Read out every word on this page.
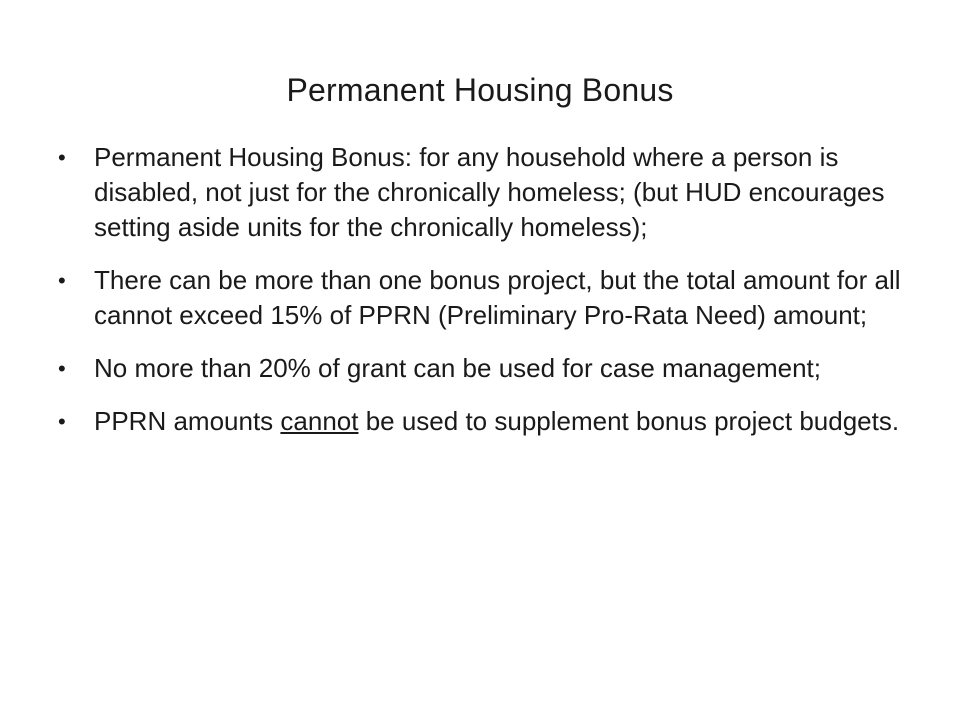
Permanent Housing Bonus
• Permanent Housing Bonus: for any household where a person is disabled, not just for the chronically homeless; (but HUD encourages setting aside units for the chronically homeless);
• There can be more than one bonus project, but the total amount for all cannot exceed 15% of PPRN (Preliminary Pro-Rata Need) amount;
• No more than 20% of grant can be used for case management;
• PPRN amounts cannot be used to supplement bonus project budgets.
